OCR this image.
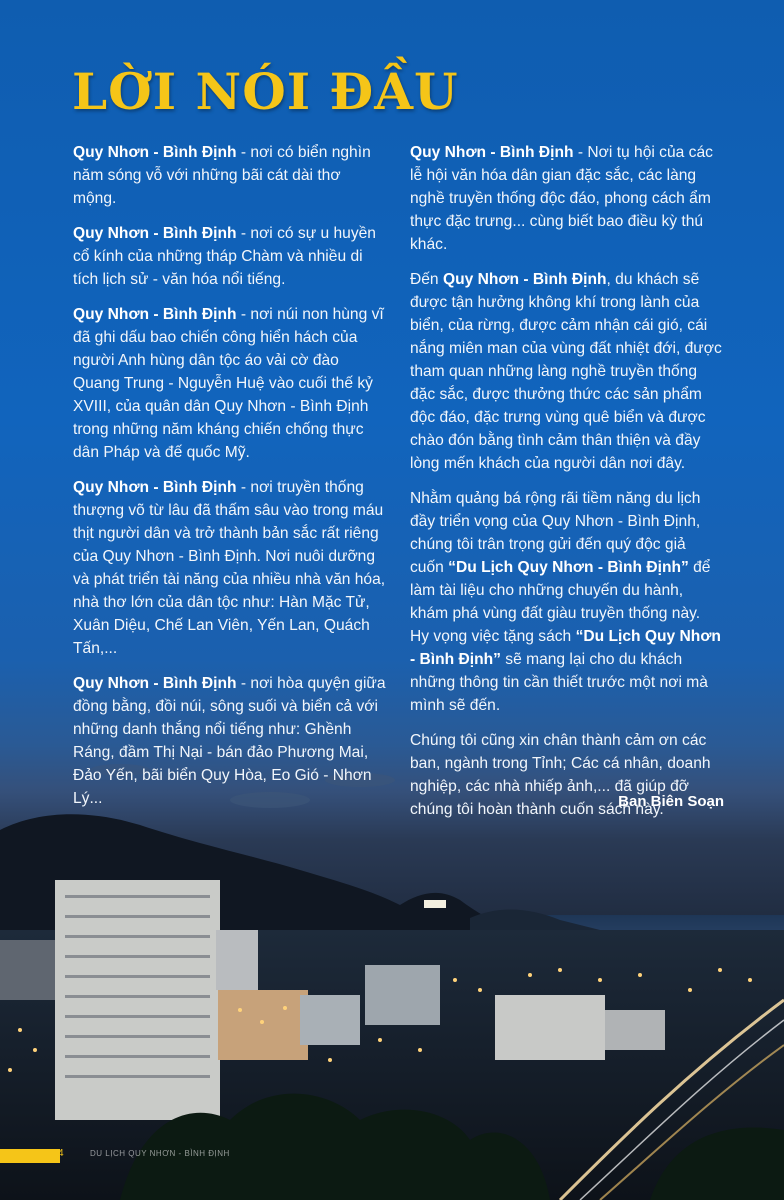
LỜI NÓI ĐẦU

Quy Nhơn - Bình Định - nơi có biển nghìn năm sóng vỗ với những bãi cát dài thơ mộng.

Quy Nhơn - Bình Định - nơi có sự u huyền cổ kính của những tháp Chàm và nhiều di tích lịch sử - văn hóa nổi tiếng.

Quy Nhơn - Bình Định - nơi núi non hùng vĩ đã ghi dấu bao chiến công hiển hách của người Anh hùng dân tộc áo vải cờ đào Quang Trung - Nguyễn Huệ vào cuối thế kỷ XVIII, của quân dân Quy Nhơn - Bình Định trong những năm kháng chiến chống thực dân Pháp và đế quốc Mỹ.

Quy Nhơn - Bình Định - nơi truyền thống thượng võ từ lâu đã thấm sâu vào trong máu thịt người dân và trở thành bản sắc rất riêng của Quy Nhơn - Bình Định. Nơi nuôi dưỡng và phát triển tài năng của nhiều nhà văn hóa, nhà thơ lớn của dân tộc như: Hàn Mặc Tử, Xuân Diệu, Chế Lan Viên, Yến Lan, Quách Tấn,...

Quy Nhơn - Bình Định - nơi hòa quyện giữa đồng bằng, đồi núi, sông suối và biển cả với những danh thắng nổi tiếng như: Ghềnh Ráng, đầm Thị Nại - bán đảo Phương Mai, Đảo Yến, bãi biển Quy Hòa, Eo Gió - Nhơn Lý...

Quy Nhơn - Bình Định - Nơi tụ hội của các lễ hội văn hóa dân gian đặc sắc, các làng nghề truyền thống độc đáo, phong cách ẩm thực đặc trưng... cùng biết bao điều kỳ thú khác.

Đến Quy Nhơn - Bình Định, du khách sẽ được tận hưởng không khí trong lành của biển, của rừng, được cảm nhận cái gió, cái nắng miên man của vùng đất nhiệt đới, được tham quan những làng nghề truyền thống đặc sắc, được thưởng thức các sản phẩm độc đáo, đặc trưng vùng quê biển và được chào đón bằng tình cảm thân thiện và đầy lòng mến khách của người dân nơi đây.

Nhằm quảng bá rộng rãi tiềm năng du lịch đầy triển vọng của Quy Nhơn - Bình Định, chúng tôi trân trọng gửi đến quý độc giả cuốn “Du Lịch Quy Nhơn - Bình Định” để làm tài liệu cho những chuyến du hành, khám phá vùng đất giàu truyền thống này. Hy vọng việc tặng sách “Du Lịch Quy Nhơn - Bình Định” sẽ mang lại cho du khách những thông tin cần thiết trước một nơi mà mình sẽ đến.

Chúng tôi cũng xin chân thành cảm ơn các ban, ngành trong Tỉnh; Các cá nhân, doanh nghiệp, các nhà nhiếp ảnh,... đã giúp đỡ chúng tôi hoàn thành cuốn sách này.

Ban Biên Soạn

4	DU LỊCH QUY NHƠN - BÌNH ĐỊNH
